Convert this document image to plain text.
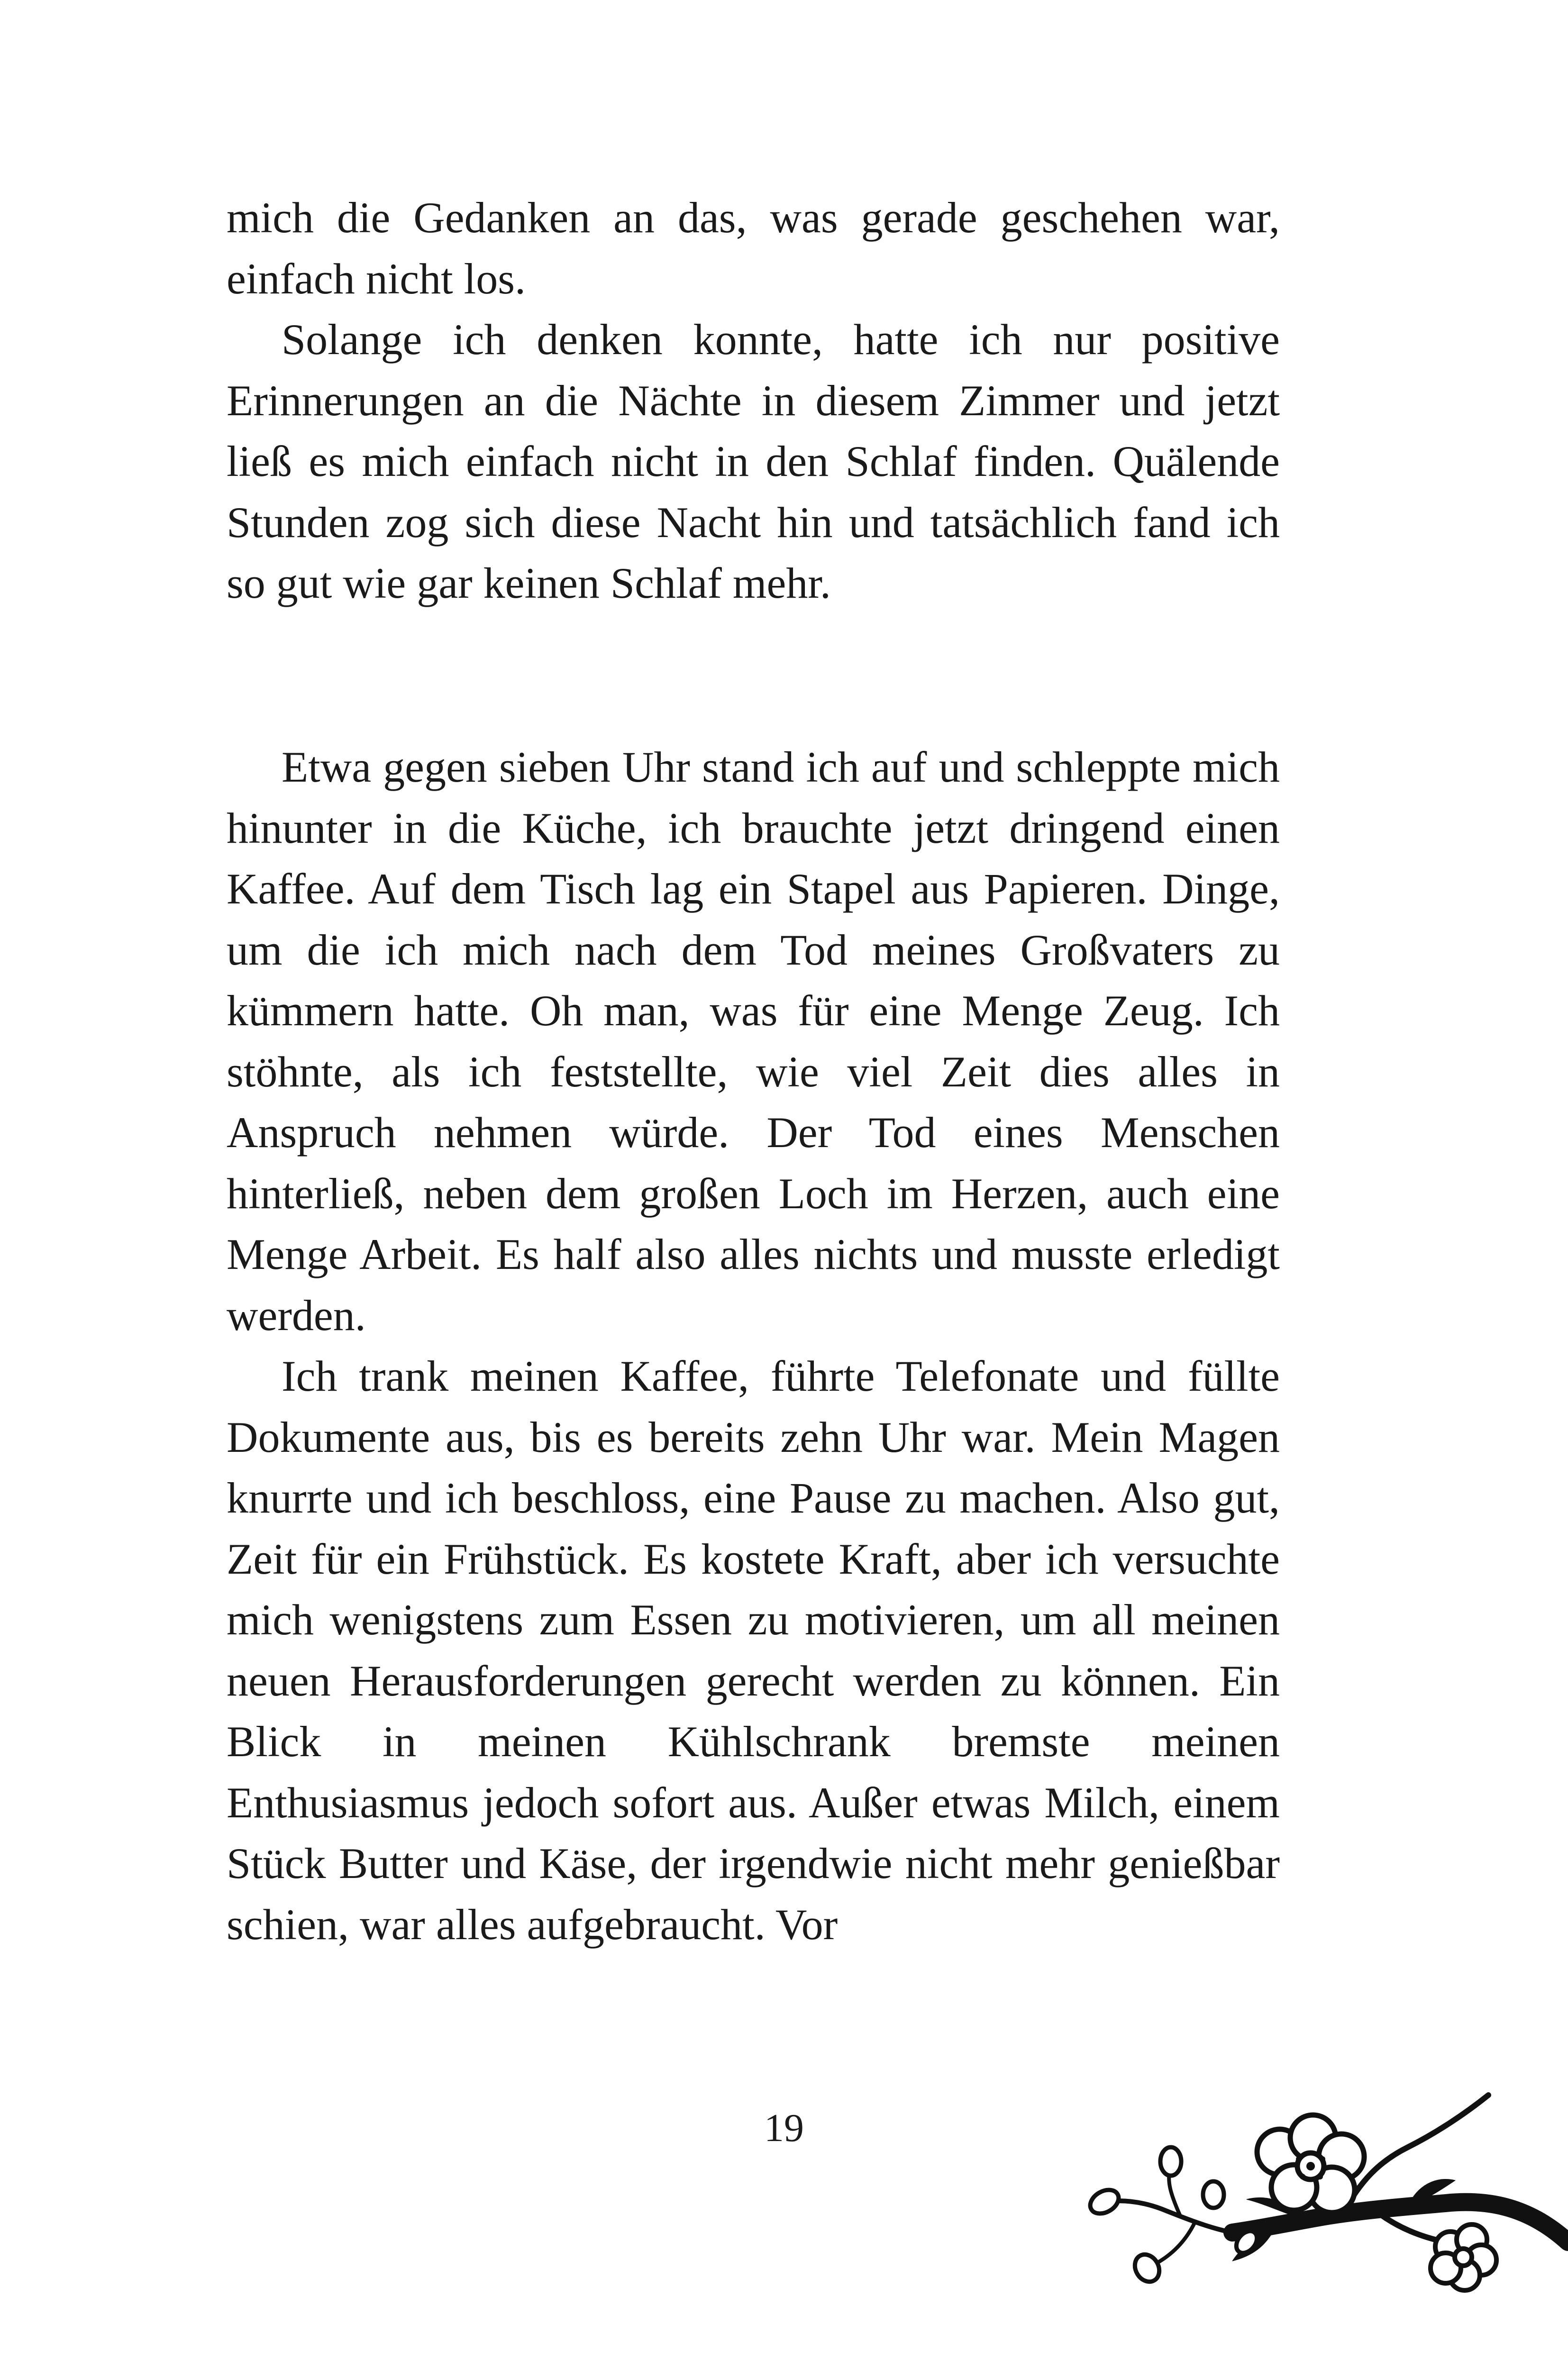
mich die Gedanken an das, was gerade geschehen war, einfach nicht los.

Solange ich denken konnte, hatte ich nur positive Erinnerungen an die Nächte in diesem Zimmer und jetzt ließ es mich einfach nicht in den Schlaf finden. Quälende Stunden zog sich diese Nacht hin und tatsächlich fand ich so gut wie gar keinen Schlaf mehr.

Etwa gegen sieben Uhr stand ich auf und schleppte mich hinunter in die Küche, ich brauchte jetzt dringend einen Kaffee. Auf dem Tisch lag ein Stapel aus Papieren. Dinge, um die ich mich nach dem Tod meines Großvaters zu kümmern hatte. Oh man, was für eine Menge Zeug. Ich stöhnte, als ich feststellte, wie viel Zeit dies alles in Anspruch nehmen würde. Der Tod eines Menschen hinterließ, neben dem großen Loch im Herzen, auch eine Menge Arbeit. Es half also alles nichts und musste erledigt werden.

Ich trank meinen Kaffee, führte Telefonate und füllte Dokumente aus, bis es bereits zehn Uhr war. Mein Magen knurrte und ich beschloss, eine Pause zu machen. Also gut, Zeit für ein Frühstück. Es kostete Kraft, aber ich versuchte mich wenigstens zum Essen zu motivieren, um all meinen neuen Herausforderungen gerecht werden zu können. Ein Blick in meinen Kühlschrank bremste meinen Enthusiasmus jedoch sofort aus. Außer etwas Milch, einem Stück Butter und Käse, der irgendwie nicht mehr genießbar schien, war alles aufgebraucht. Vor

19
